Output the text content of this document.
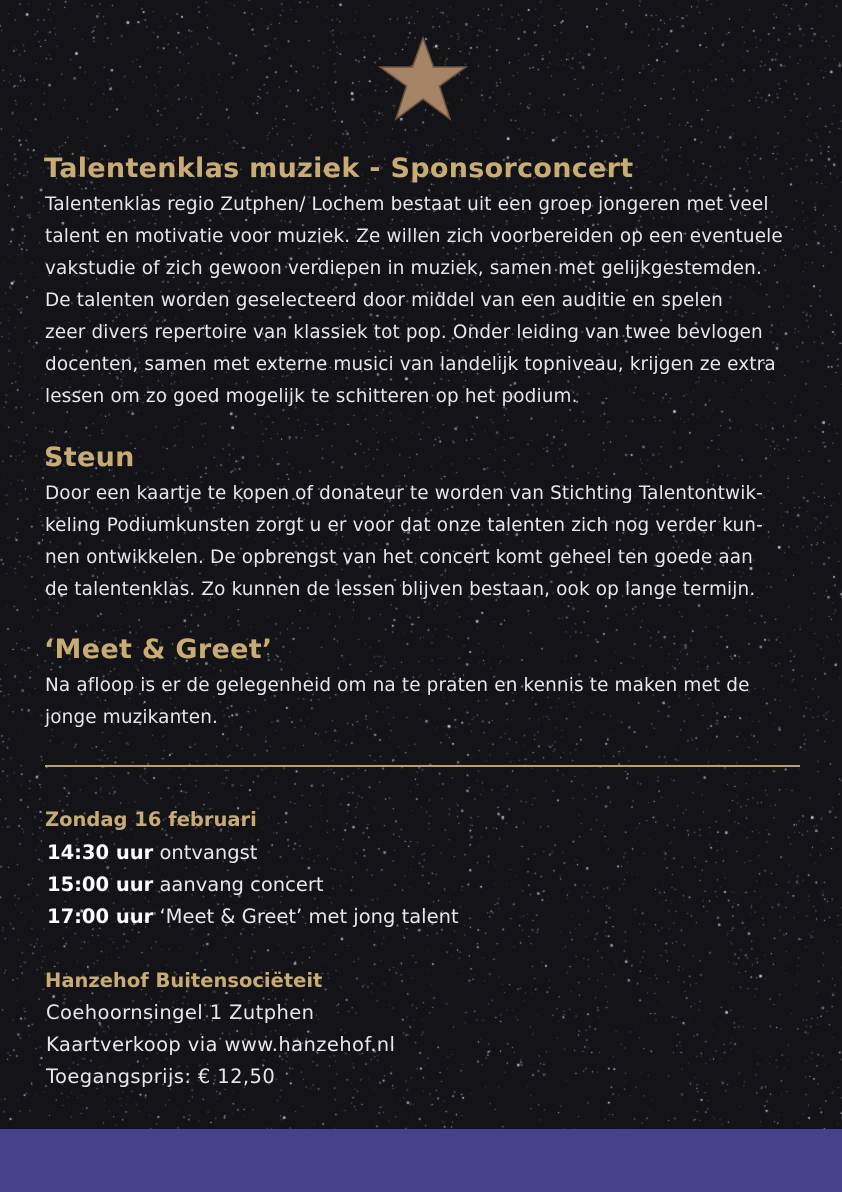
Talentenklas muziek - Sponsorconcert
Talentenklas regio Zutphen/ Lochem bestaat uit een groep jongeren met veel
talent en motivatie voor muziek. Ze willen zich voorbereiden op een eventuele
vakstudie of zich gewoon verdiepen in muziek, samen met gelijkgestemden.
De talenten worden geselecteerd door middel van een auditie en spelen
zeer divers repertoire van klassiek tot pop. Onder leiding van twee bevlogen
docenten, samen met externe musici van landelijk topniveau, krijgen ze extra
lessen om zo goed mogelijk te schitteren op het podium.
Steun
Door een kaartje te kopen of donateur te worden van Stichting Talentontwik-
keling Podiumkunsten zorgt u er voor dat onze talenten zich nog verder kun-
nen ontwikkelen. De opbrengst van het concert komt geheel ten goede aan
de talentenklas. Zo kunnen de lessen blijven bestaan, ook op lange termijn.
‘Meet & Greet’
Na afloop is er de gelegenheid om na te praten en kennis te maken met de
jonge muzikanten.
Zondag 16 februari
14:30 uur ontvangst
15:00 uur aanvang concert
17:00 uur ‘Meet & Greet’ met jong talent
Hanzehof Buitensociëteit
Coehoornsingel 1 Zutphen
Kaartverkoop via www.hanzehof.nl
Toegangsprijs: € 12,50
